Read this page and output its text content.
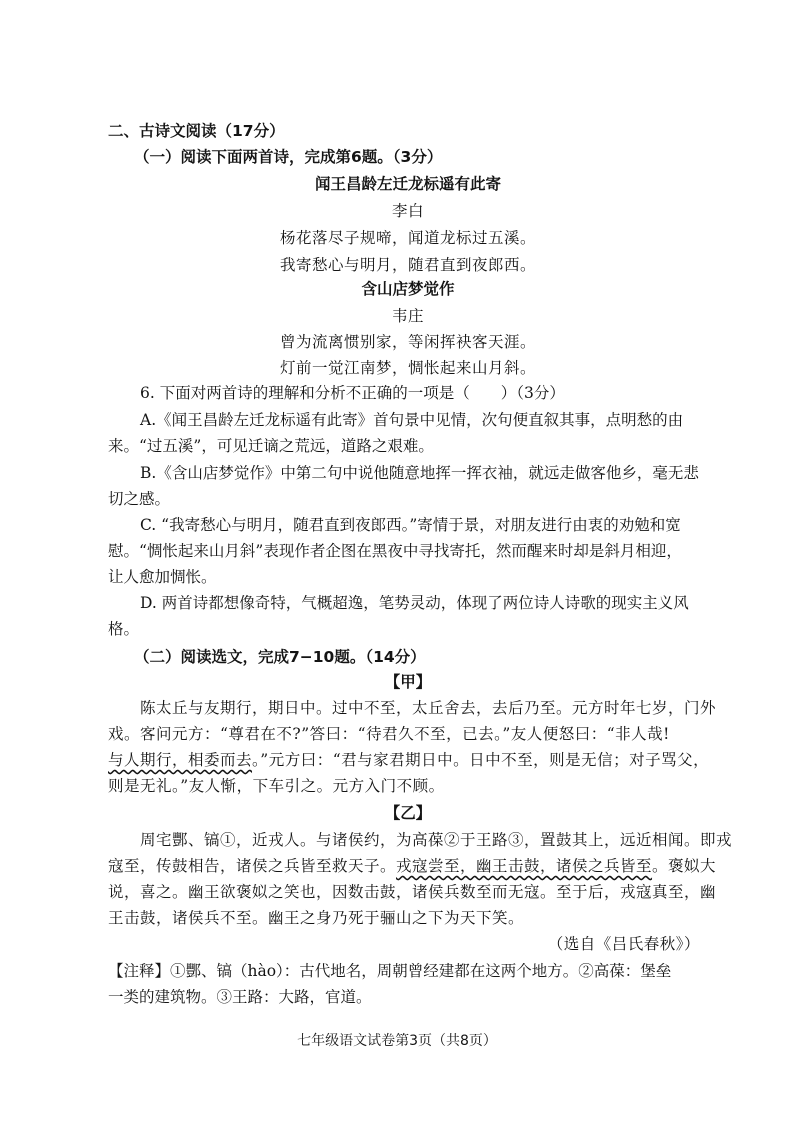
二、古诗文阅读（17分）
（一）阅读下面两首诗，完成第6题。（3分）
闻王昌龄左迁龙标遥有此寄
李白
杨花落尽子规啼，闻道龙标过五溪。
我寄愁心与明月，随君直到夜郎西。
含山店梦觉作
韦庄
曾为流离惯别家，等闲挥袂客天涯。
灯前一觉江南梦，惆怅起来山月斜。
6. 下面对两首诗的理解和分析不正确的一项是（　　）（3分）
A.《闻王昌龄左迁龙标遥有此寄》首句景中见情，次句便直叙其事，点明愁的由
来。“过五溪”，可见迁谪之荒远，道路之艰难。
B.《含山店梦觉作》中第二句中说他随意地挥一挥衣袖，就远走做客他乡，毫无悲
切之感。
C. “我寄愁心与明月，随君直到夜郎西。”寄情于景，对朋友进行由衷的劝勉和宽
慰。“惆怅起来山月斜”表现作者企图在黑夜中寻找寄托，然而醒来时却是斜月相迎，
让人愈加惆怅。
D. 两首诗都想像奇特，气概超逸，笔势灵动，体现了两位诗人诗歌的现实主义风
格。
（二）阅读选文，完成7−10题。（14分）
【甲】
陈太丘与友期行，期日中。过中不至，太丘舍去，去后乃至。元方时年七岁，门外
戏。客问元方：“尊君在不?”答曰：“待君久不至，已去。”友人便怒曰：“非人哉!
与人期行，相委而去。”元方曰：“君与家君期日中。日中不至，则是无信；对子骂父，
则是无礼。”友人惭，下车引之。元方入门不顾。
【乙】
周宅酆、镐①，近戎人。与诸侯约，为高葆②于王路③，置鼓其上，远近相闻。即戎
寇至，传鼓相告，诸侯之兵皆至救天子。戎寇尝至，幽王击鼓，诸侯之兵皆至。褒姒大
说，喜之。幽王欲褒姒之笑也，因数击鼓，诸侯兵数至而无寇。至于后，戎寇真至，幽
王击鼓，诸侯兵不至。幽王之身乃死于骊山之下为天下笑。
（选自《吕氏春秋》）
【注释】①酆、镐（hào）：古代地名，周朝曾经建都在这两个地方。②高葆：堡垒
一类的建筑物。③王路：大路，官道。
七年级语文试卷第3页（共8页）
